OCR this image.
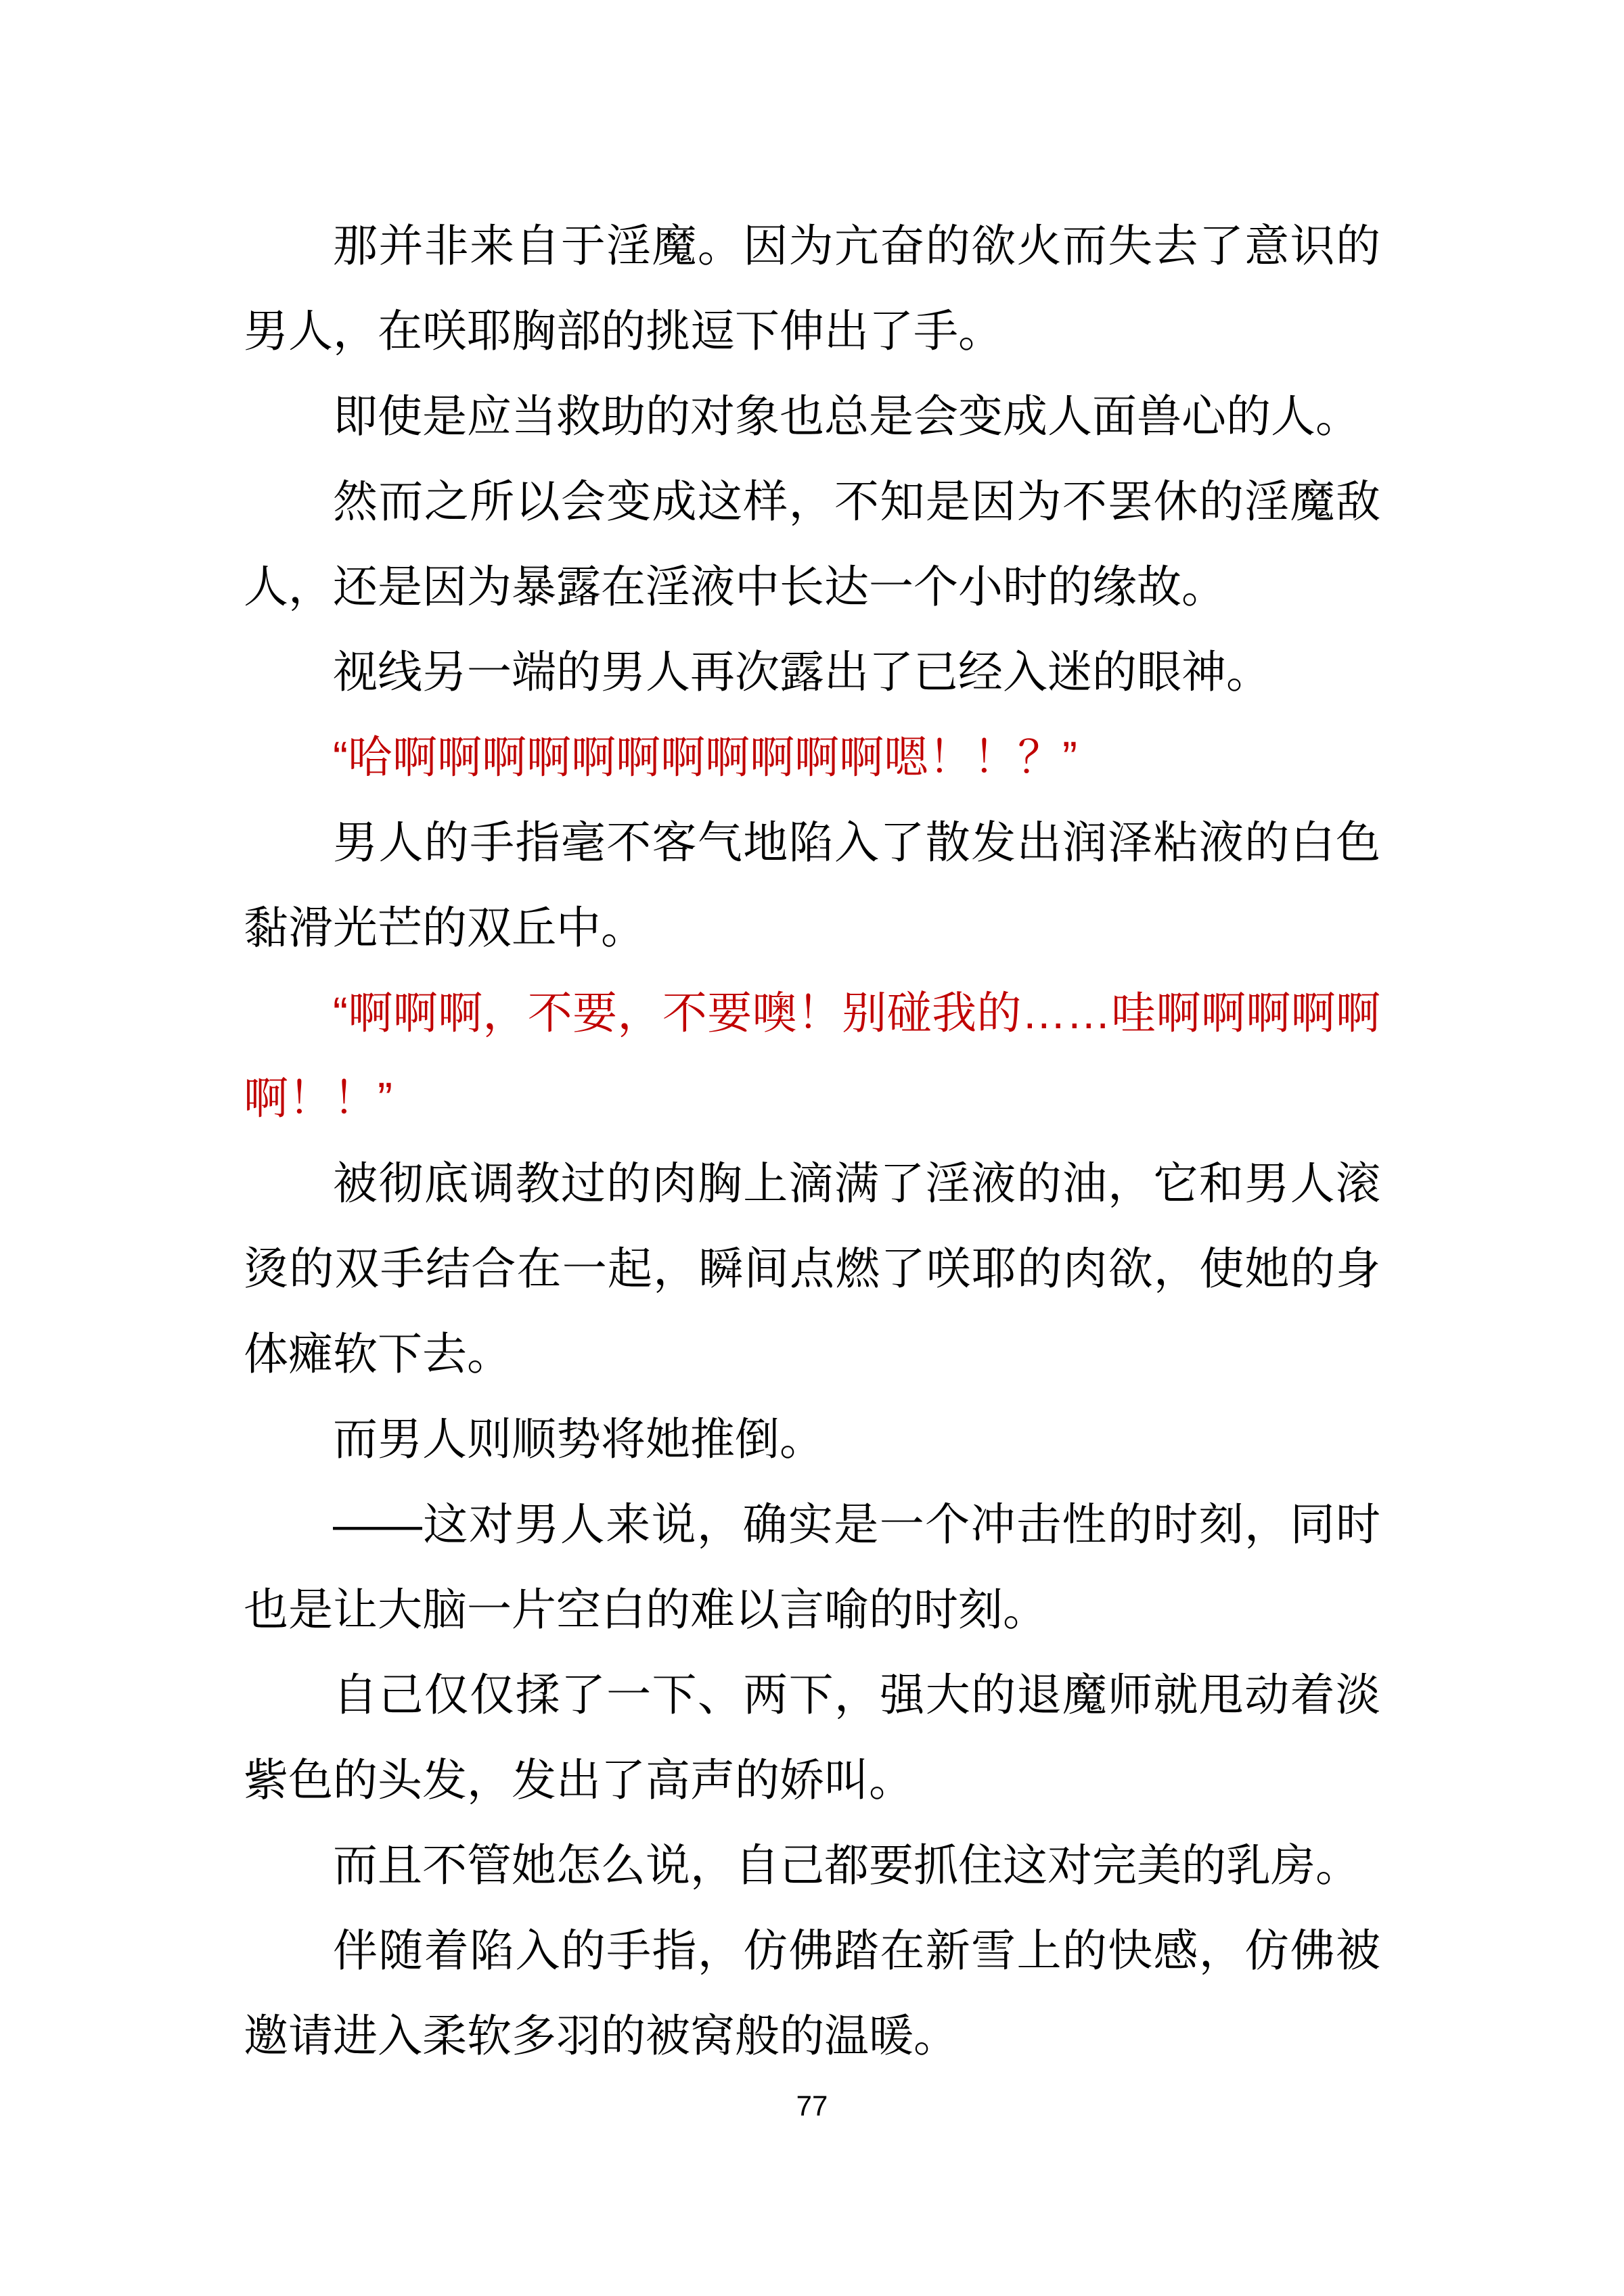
那并非来自于淫魔。因为亢奋的欲火而失去了意识的男人，在咲耶胸部的挑逗下伸出了手。

即使是应当救助的对象也总是会变成人面兽心的人。

然而之所以会变成这样，不知是因为不罢休的淫魔敌人，还是因为暴露在淫液中长达一个小时的缘故。

视线另一端的男人再次露出了已经入迷的眼神。

“哈啊啊啊啊啊啊啊啊啊啊啊嗯！！？”

男人的手指毫不客气地陷入了散发出润泽粘液的白色黏滑光芒的双丘中。

“啊啊啊，不要，不要噢！别碰我的……哇啊啊啊啊啊啊！！”

被彻底调教过的肉胸上滴满了淫液的油，它和男人滚烫的双手结合在一起，瞬间点燃了咲耶的肉欲，使她的身体瘫软下去。

而男人则顺势将她推倒。

——这对男人来说，确实是一个冲击性的时刻，同时也是让大脑一片空白的难以言喻的时刻。

自己仅仅揉了一下、两下，强大的退魔师就甩动着淡紫色的头发，发出了高声的娇叫。

而且不管她怎么说，自己都要抓住这对完美的乳房。

伴随着陷入的手指，仿佛踏在新雪上的快感，仿佛被邀请进入柔软多羽的被窝般的温暖。

77
